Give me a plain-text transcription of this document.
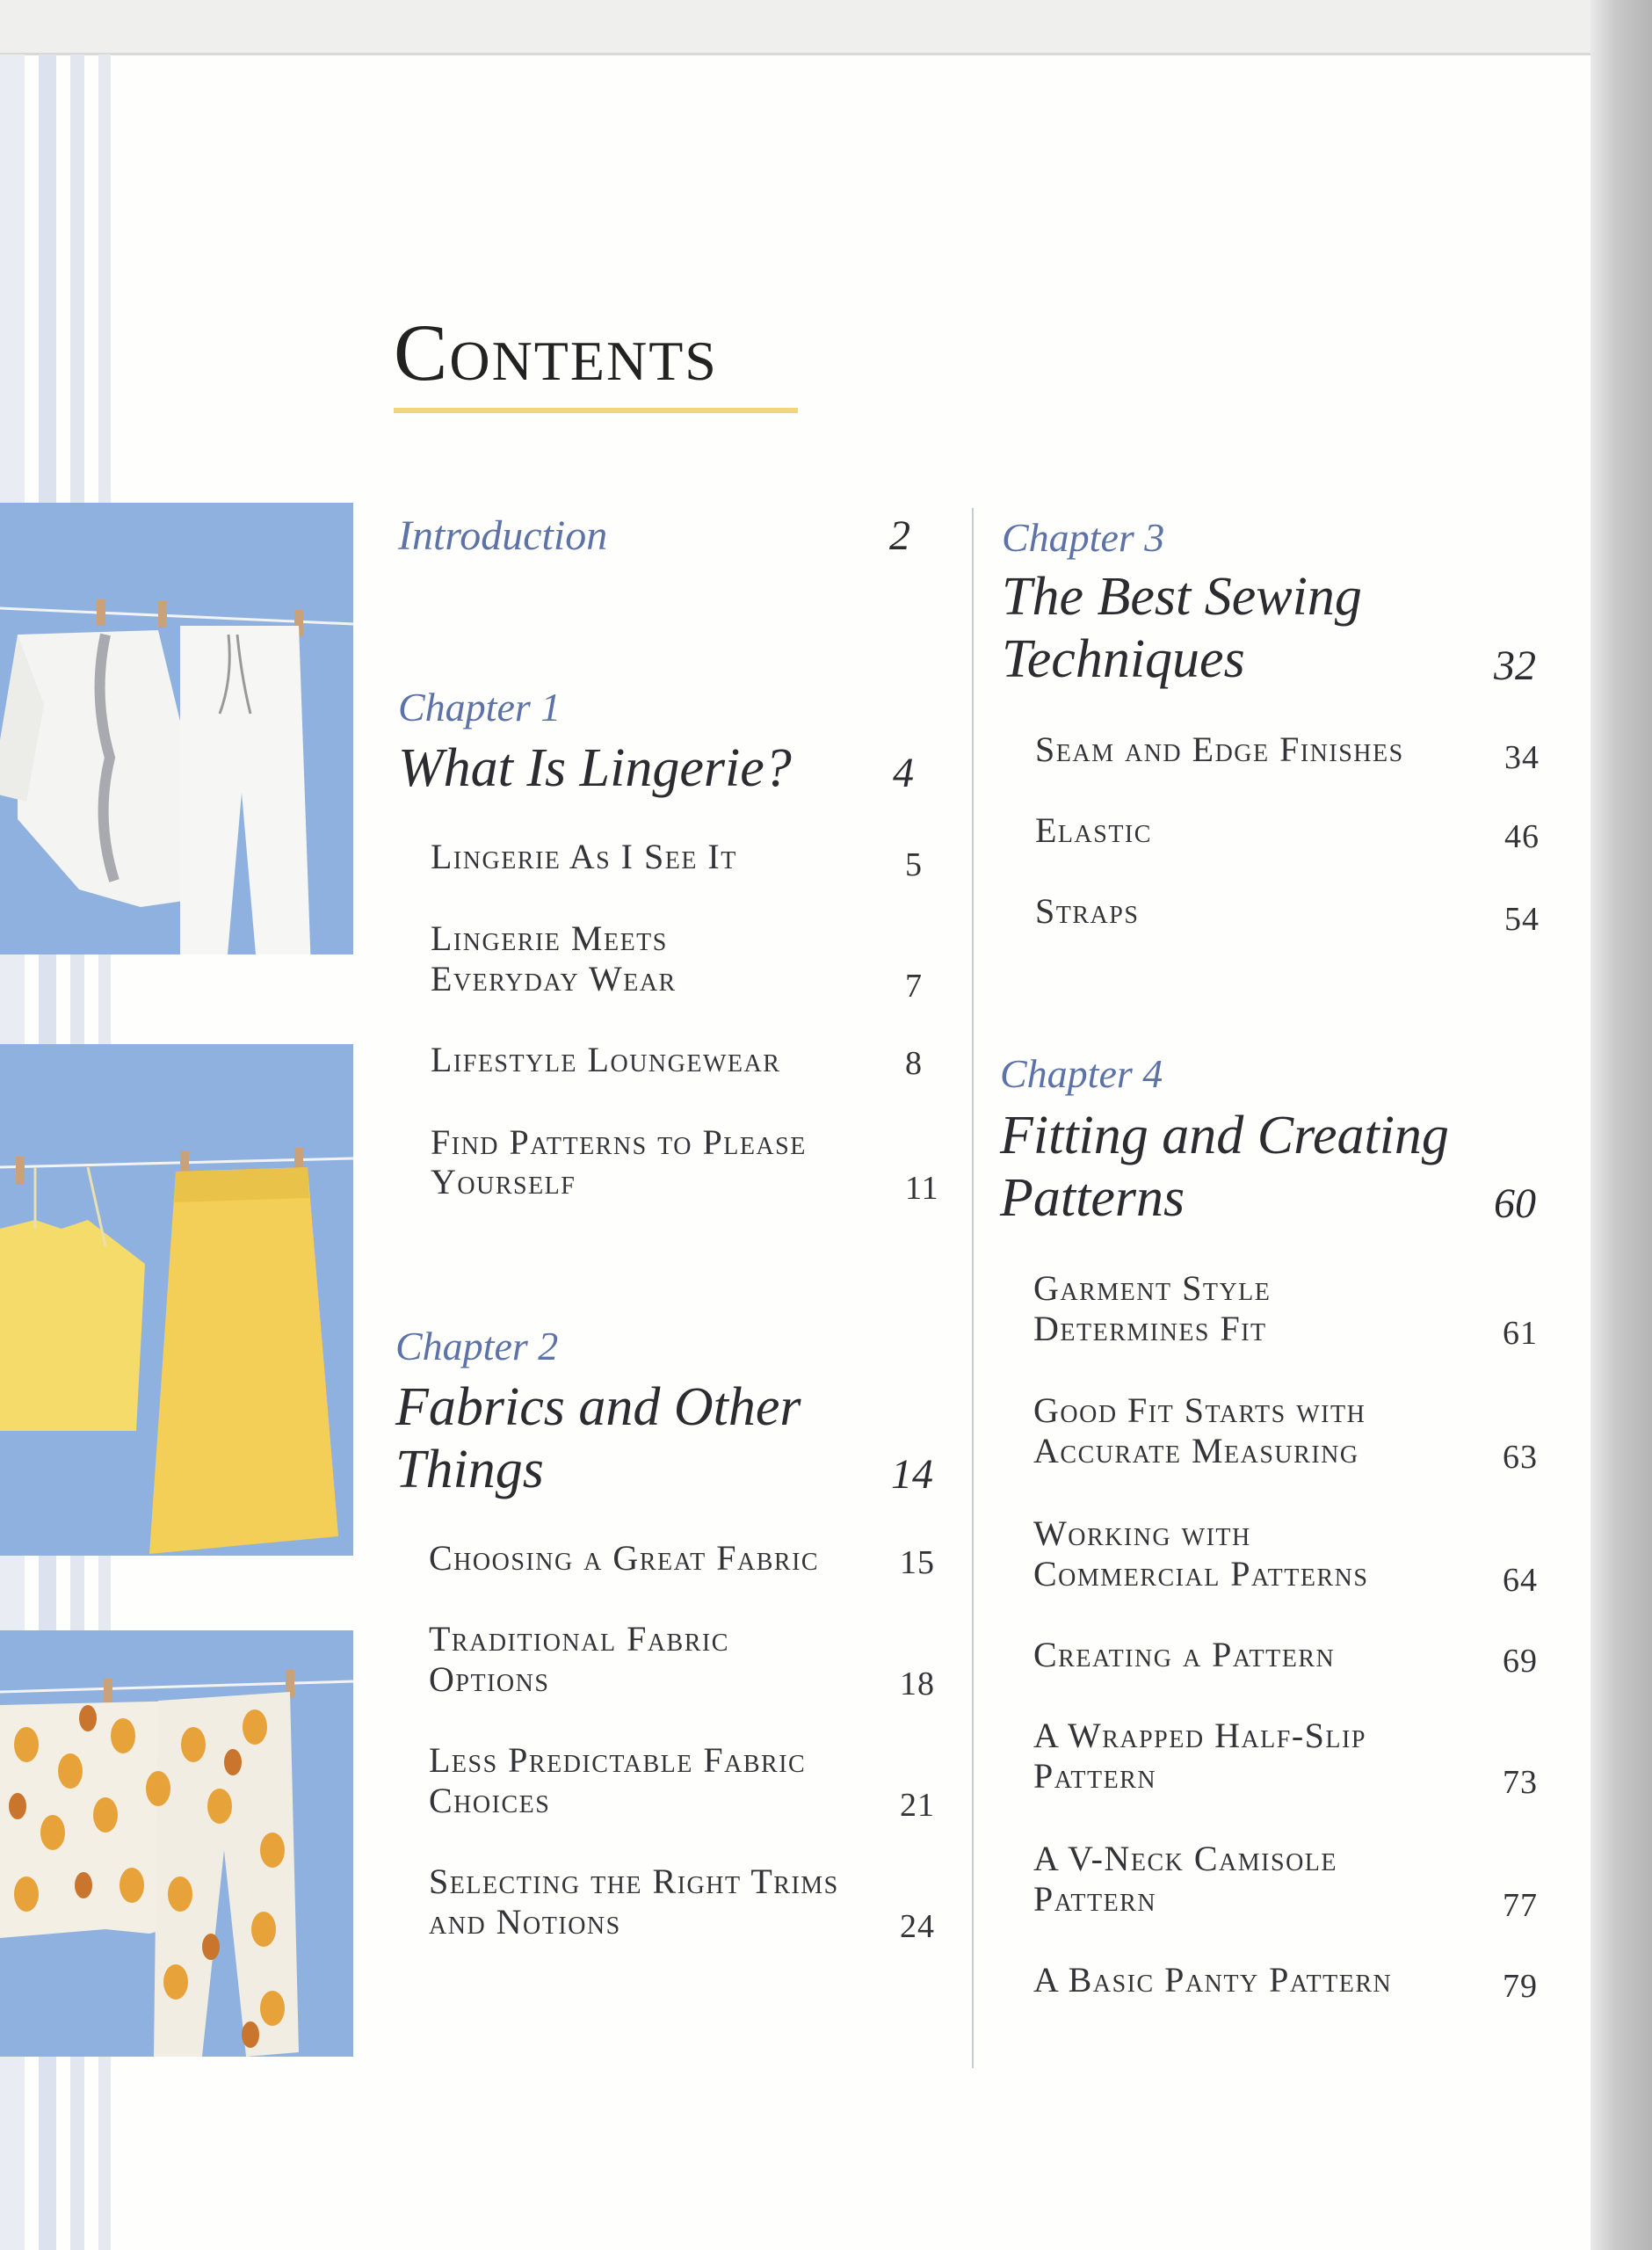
Contents
Introduction	2
Chapter 1
What Is Lingerie? 4
Lingerie As I See It	5
Lingerie Meets
Everyday Wear	7
Lifestyle Loungewear	8
Find Patterns to Please
Yourself	11
Chapter 2
Fabrics and Other
Things	14
Choosing a Great Fabric 15
Traditional Fabric
Options	18
Less Predictable Fabric
Choices	21
Selecting the Right Trims
and Notions	24
Chapter 3
The Best Sewing
Techniques	32
Seam and Edge Finishes	34
Elastic	46
Straps	54
Chapter 4
Fitting and Creating
Patterns	60
Garment Style
Determines Fit	61
Good Fit Starts with
Accurate Measuring	63
Working with
Commercial Patterns	64
Creating a Pattern	69
A Wrapped Half-Slip
Pattern	73
A V-Neck Camisole
Pattern	77
A Basic Panty Pattern	79
